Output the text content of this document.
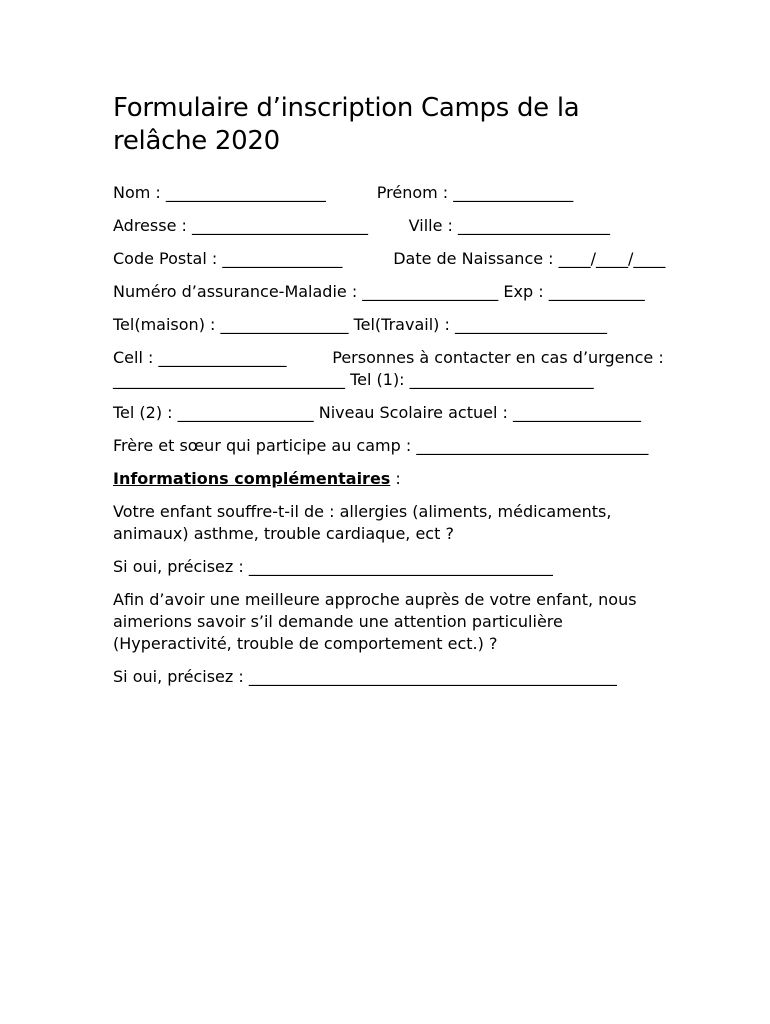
Formulaire d’inscription Camps de la relâche 2020

Nom : ____________________          Prénom : _______________

Adresse : ______________________        Ville : ___________________

Code Postal : _______________          Date de Naissance : ____/____/____

Numéro d’assurance-Maladie : _________________ Exp : ____________

Tel(maison) : ________________ Tel(Travail) : ___________________

Cell : ________________         Personnes à contacter en cas d’urgence : _____________________________ Tel (1): _______________________

Tel (2) : _________________ Niveau Scolaire actuel : ________________

Frère et sœur qui participe au camp : _____________________________

Informations complémentaires :

Votre enfant souffre-t-il de : allergies (aliments, médicaments, animaux) asthme, trouble cardiaque, ect ?

Si oui, précisez : ______________________________________

Afin d’avoir une meilleure approche auprès de votre enfant, nous aimerions savoir s’il demande une attention particulière (Hyperactivité, trouble de comportement ect.) ?

Si oui, précisez : ______________________________________________
